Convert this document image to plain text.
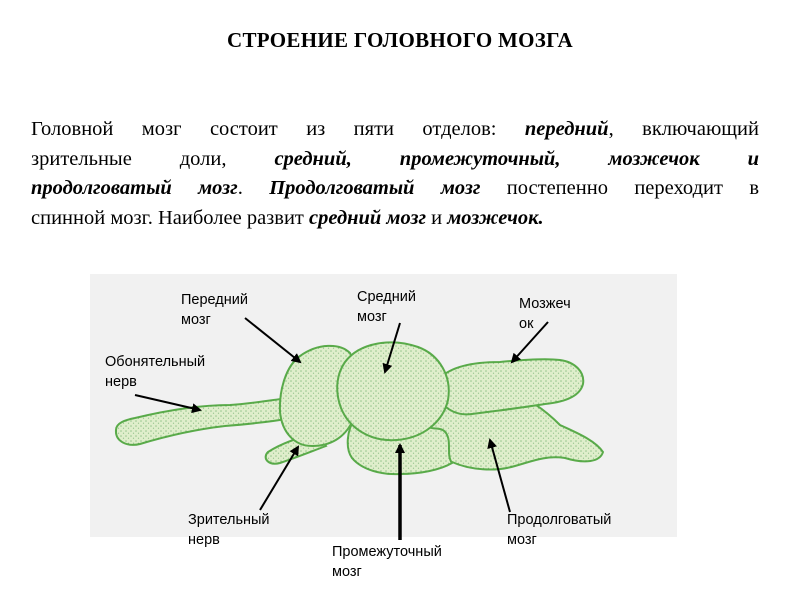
СТРОЕНИЕ ГОЛОВНОГО МОЗГА
Головной мозг состоит из пяти отделов: передний, включающий
зрительные доли, средний, промежуточный, мозжечок и
продолговатый мозг. Продолговатый мозг постепенно переходит в
спинной мозг. Наиболее развит средний мозг и мозжечок.
Передний
мозг
Средний
мозг
Мозжеч
ок
Обонятельный
нерв
Зрительный
нерв
Промежуточный
мозг
Продолговатый
мозг
